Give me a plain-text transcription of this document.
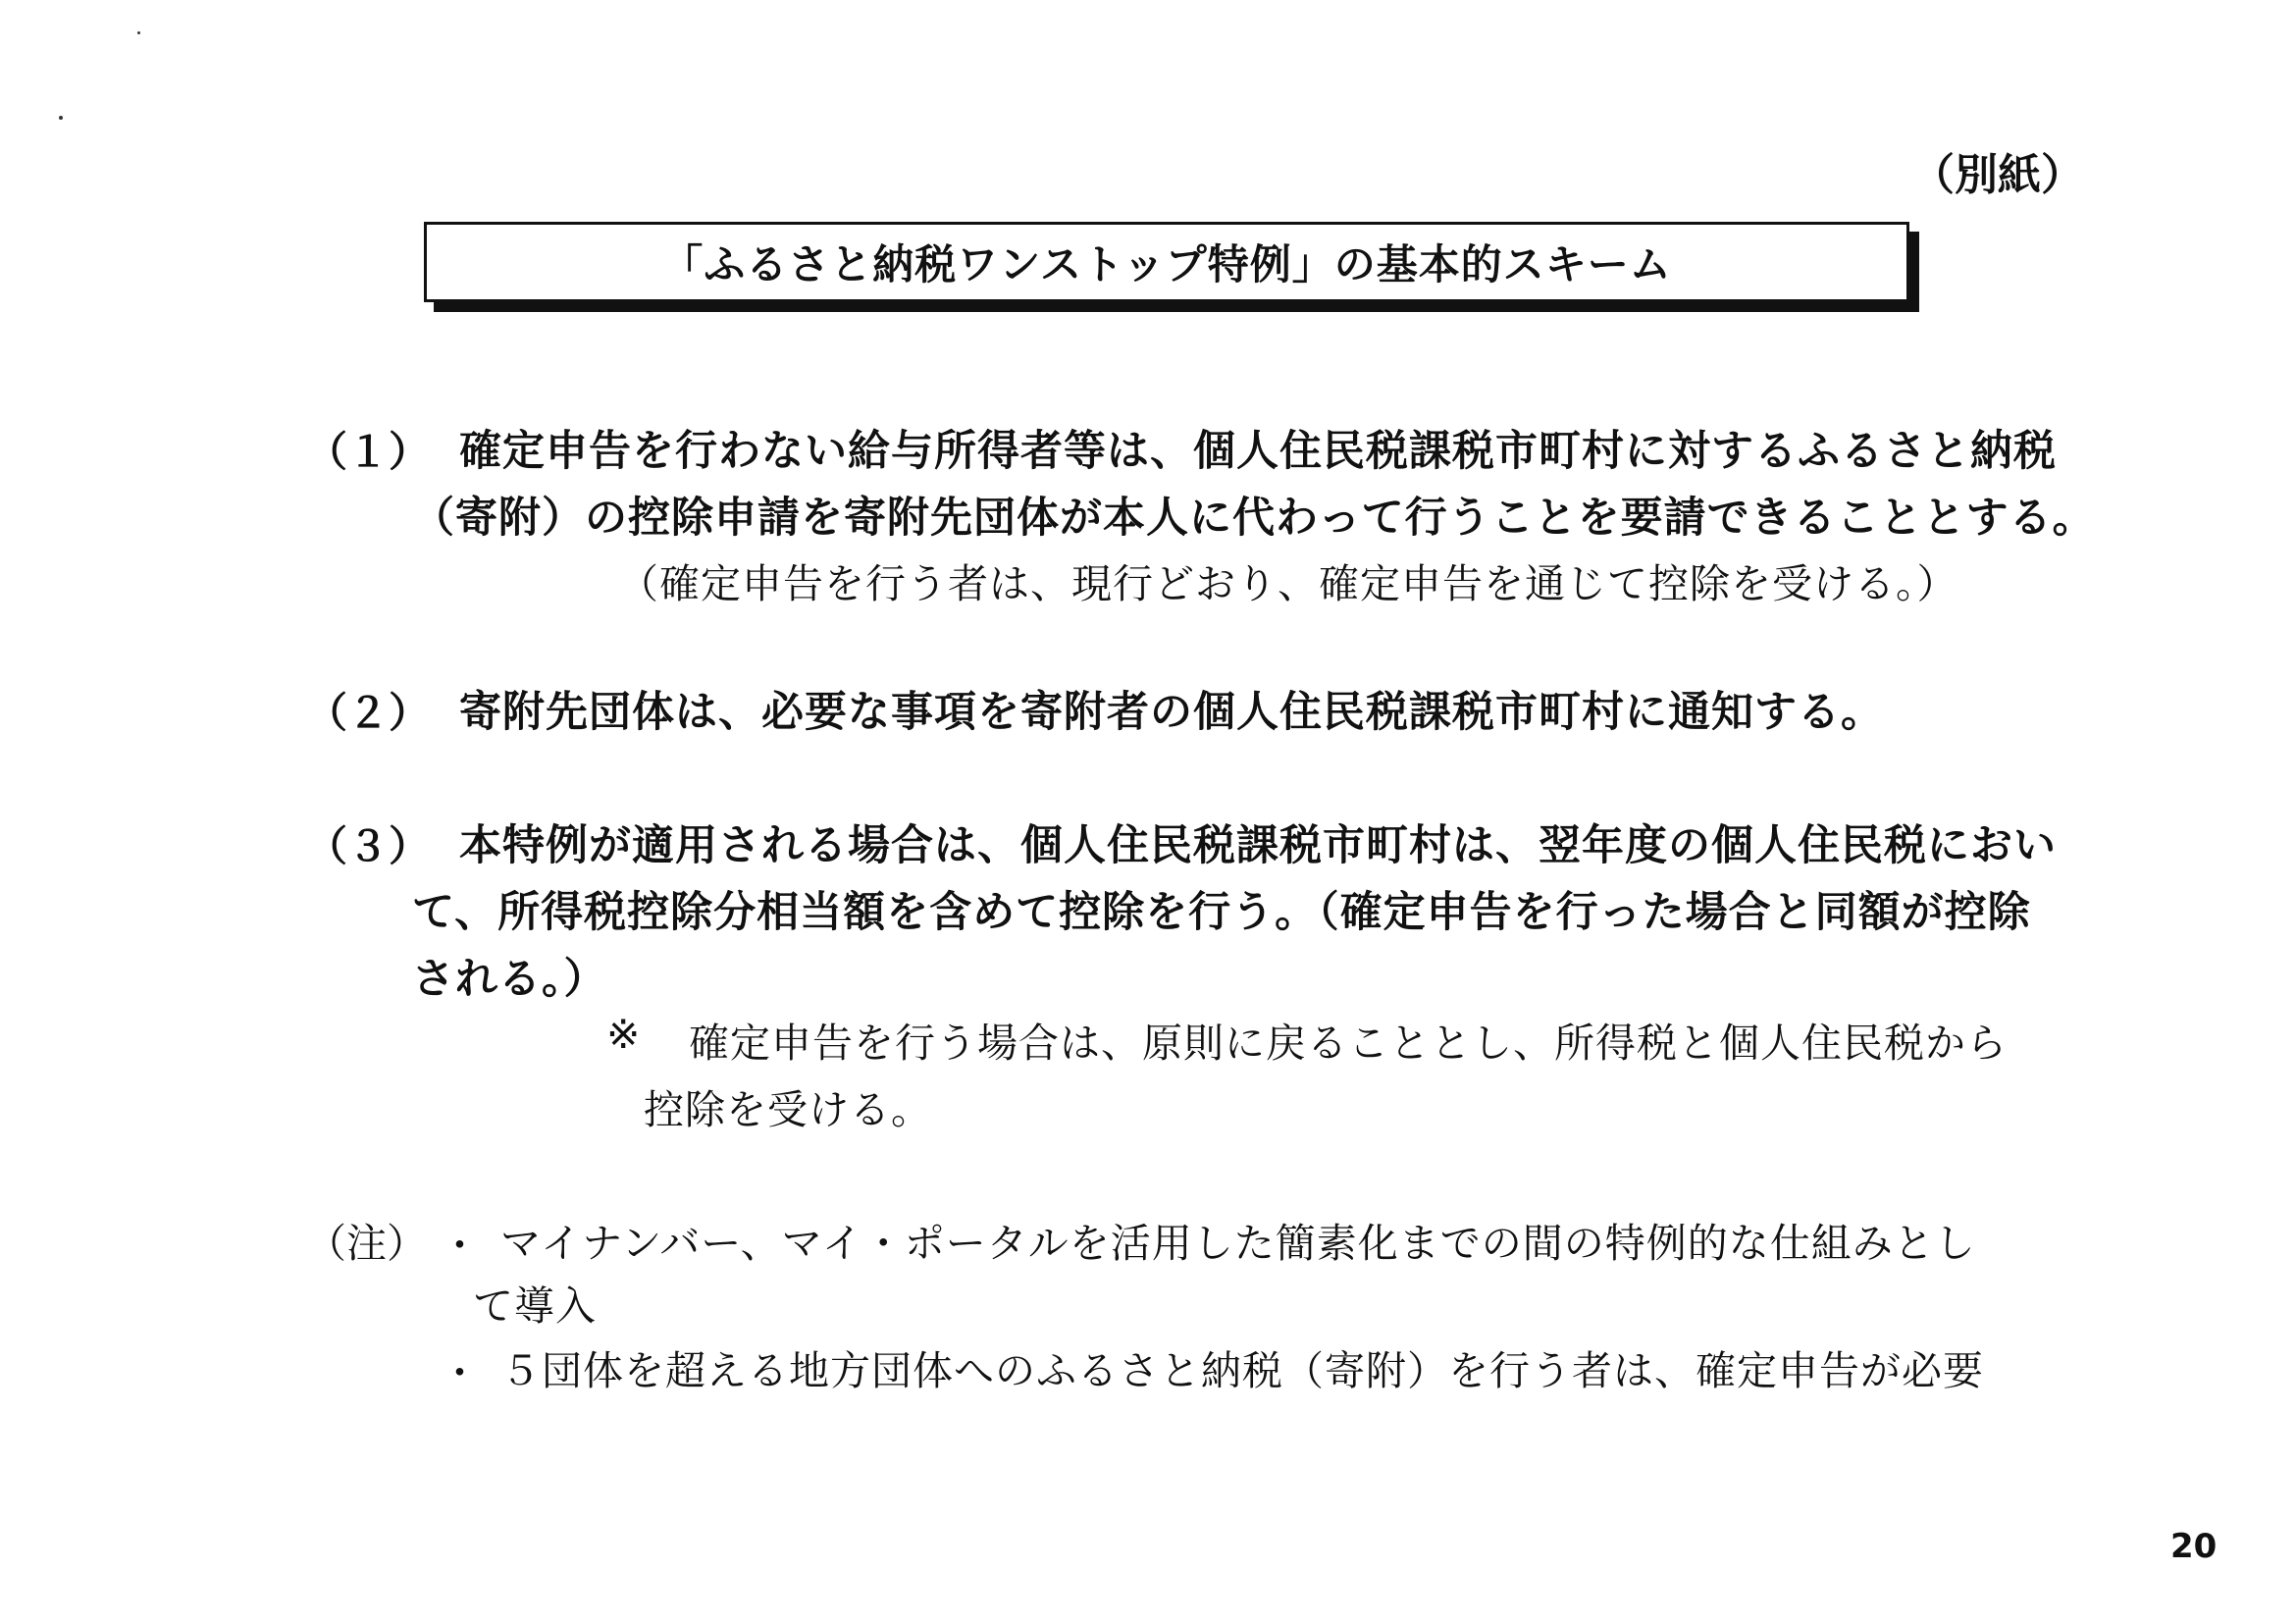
（別紙）
「ふるさと納税ワンストップ特例」の基本的スキーム
（１） 確定申告を行わない給与所得者等は、個人住民税課税市町村に対するふるさと納税
（寄附）の控除申請を寄附先団体が本人に代わって行うことを要請できることとする。
（確定申告を行う者は、現行どおり、確定申告を通じて控除を受ける。）
（２） 寄附先団体は、必要な事項を寄附者の個人住民税課税市町村に通知する。
（３） 本特例が適用される場合は、個人住民税課税市町村は、翌年度の個人住民税におい
て、所得税控除分相当額を含めて控除を行う。（確定申告を行った場合と同額が控除
される。）
※ 確定申告を行う場合は、原則に戻ることとし、所得税と個人住民税から
控除を受ける。
（注） ・ マイナンバー、マイ・ポータルを活用した簡素化までの間の特例的な仕組みとし
て導入
・ ５団体を超える地方団体へのふるさと納税（寄附）を行う者は、確定申告が必要
20
